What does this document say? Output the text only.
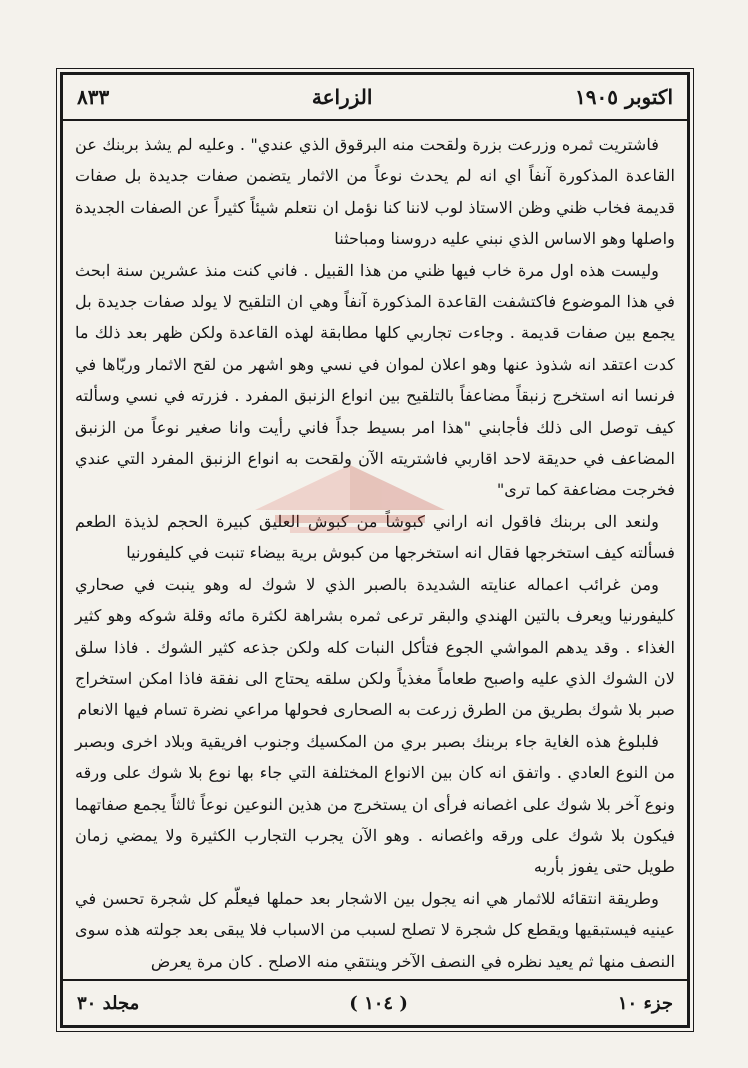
اكتوبر ١٩٠٥
الزراعة
٨٣٣

فاشتريت ثمره وزرعت بزرة ولقحت منه البرقوق الذي عندي" . وعليه لم يشذ بربنك عن القاعدة المذكورة آنفاً اي انه لم يحدث نوعاً من الاثمار يتضمن صفات جديدة بل صفات قديمة فخاب ظني وظن الاستاذ لوب لاننا كنا نؤمل ان نتعلم شيئاً كثيراً عن الصفات الجديدة واصلها وهو الاساس الذي نبني عليه دروسنا ومباحثنا

وليست هذه اول مرة خاب فيها ظني من هذا القبيل . فاني كنت منذ عشرين سنة ابحث في هذا الموضوع فاكتشفت القاعدة المذكورة آنفاً وهي ان التلقيح لا يولد صفات جديدة بل يجمع بين صفات قديمة . وجاءت تجاربي كلها مطابقة لهذه القاعدة ولكن ظهر بعد ذلك ما كدت اعتقد انه شذوذ عنها وهو اعلان لموان في نسي وهو اشهر من لقح الاثمار وربّاها في فرنسا انه استخرج زنبقاً مضاعفاً بالتلقيح بين انواع الزنبق المفرد . فزرته في نسي وسألته كيف توصل الى ذلك فأجابني "هذا امر بسيط جداً فاني رأيت وانا صغير نوعاً من الزنبق المضاعف في حديقة لاحد اقاربي فاشتريته الآن ولقحت به انواع الزنبق المفرد التي عندي فخرجت مضاعفة كما ترى"

ولنعد الى بربنك فاقول انه اراني كبوشاً من كبوش العليق كبيرة الحجم لذيذة الطعم فسألته كيف استخرجها فقال انه استخرجها من كبوش برية بيضاء تنبت في كليفورنيا

ومن غرائب اعماله عنايته الشديدة بالصبر الذي لا شوك له وهو ينبت في صحاري كليفورنيا ويعرف بالتين الهندي والبقر ترعى ثمره بشراهة لكثرة مائه وقلة شوكه وهو كثير الغذاء . وقد يدهم المواشي الجوع فتأكل النبات كله ولكن جذعه كثير الشوك . فاذا سلق لان الشوك الذي عليه واصبح طعاماً مغذياً ولكن سلقه يحتاج الى نفقة فاذا امكن استخراج صبر بلا شوك بطريق من الطرق زرعت به الصحارى فحولها مراعي نضرة تسام فيها الانعام

فلبلوغ هذه الغاية جاء بربنك بصبر بري من المكسيك وجنوب افريقية وبلاد اخرى وبصبر من النوع العادي . واتفق انه كان بين الانواع المختلفة التي جاء بها نوع بلا شوك على ورقه ونوع آخر بلا شوك على اغصانه فرأى ان يستخرج من هذين النوعين نوعاً ثالثاً يجمع صفاتهما فيكون بلا شوك على ورقه واغصانه . وهو الآن يجرب التجارب الكثيرة ولا يمضي زمان طويل حتى يفوز بأربه

وطريقة انتقائه للاثمار هي انه يجول بين الاشجار بعد حملها فيعلّم كل شجرة تحسن في عينيه فيستبقيها ويقطع كل شجرة لا تصلح لسبب من الاسباب فلا يبقى بعد جولته هذه سوى النصف منها ثم يعيد نظره في النصف الآخر وينتقي منه الاصلح . كان مرة يعرض

جزء ١٠
( ١٠٤ )
مجلد ٣٠
